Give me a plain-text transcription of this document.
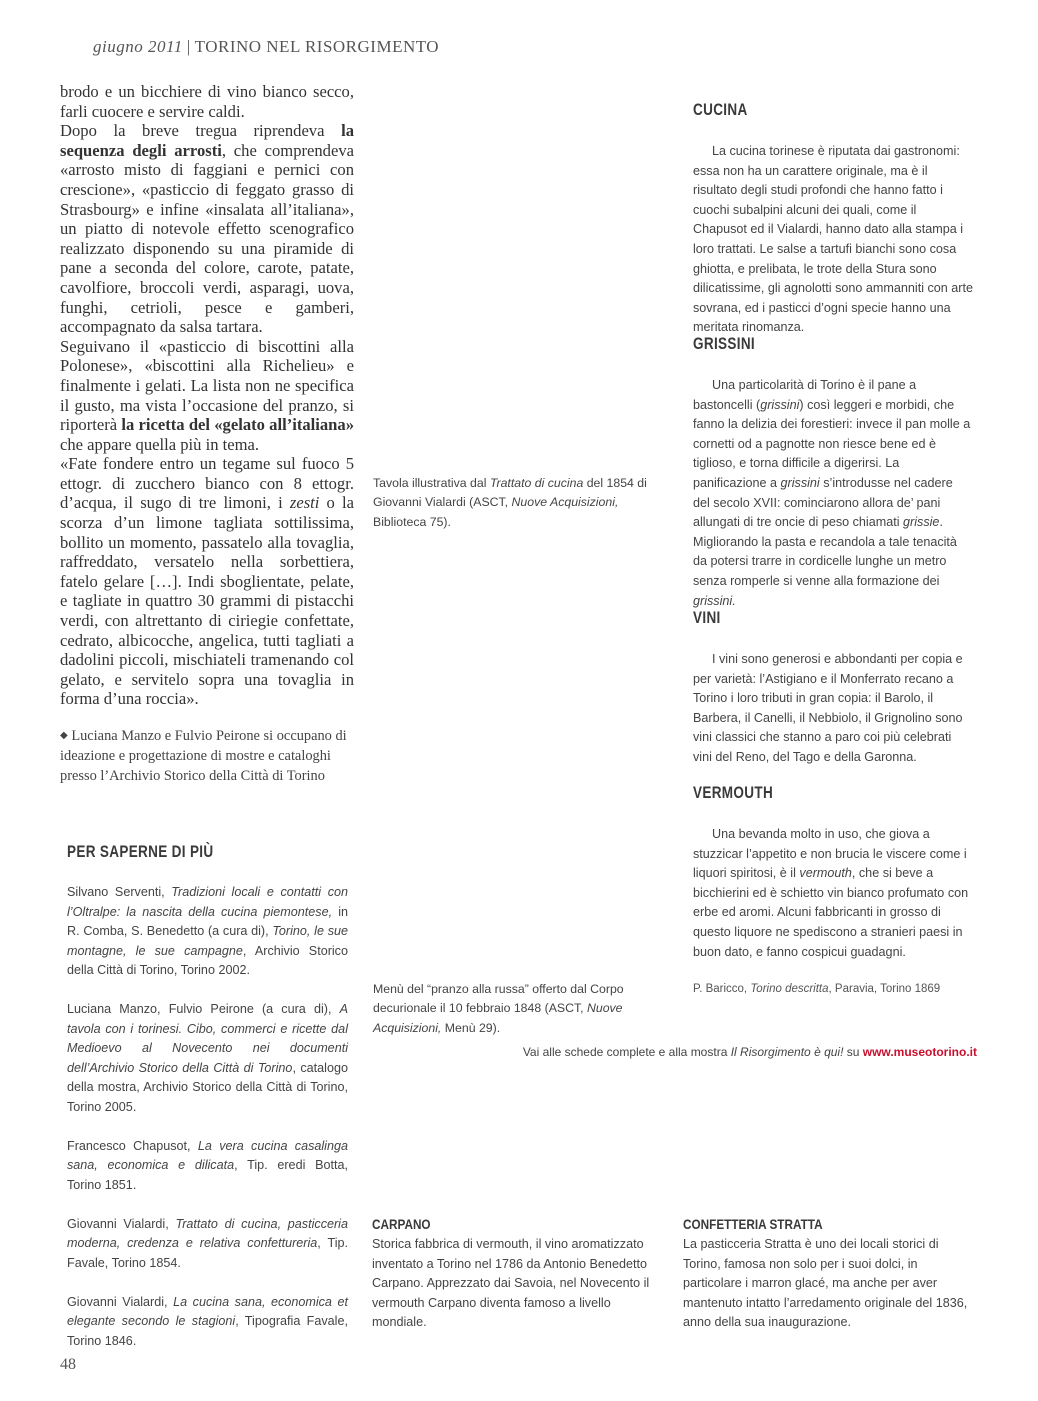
giugno 2011 | TORINO NEL RISORGIMENTO

brodo e un bicchiere di vino bianco secco, farli cuocere e servire caldi.

Dopo la breve tregua riprendeva la sequenza degli arrosti, che comprendeva «arrosto misto di faggiani e pernici con crescione», «pasticcio di feggato grasso di Strasbourg» e infine «insalata all’italiana», un piatto di notevole effetto scenografico realizzato disponendo su una piramide di pane a seconda del colore, carote, patate, cavolfiore, broccoli verdi, asparagi, uova, funghi, cetrioli, pesce e gamberi, accompagnato da salsa tartara.

Seguivano il «pasticcio di biscottini alla Polonese», «biscottini alla Richelieu» e finalmente i gelati. La lista non ne specifica il gusto, ma vista l’occasione del pranzo, si riporterà la ricetta del «gelato all’italiana» che appare quella più in tema.

«Fate fondere entro un tegame sul fuoco 5 ettogr. di zucchero bianco con 8 ettogr. d’acqua, il sugo di tre limoni, i zesti o la scorza d’un limone tagliata sottilissima, bollito un momento, passatelo alla tovaglia, raffreddato, versatelo nella sorbettiera, fatelo gelare […]. Indi sboglientate, pelate, e tagliate in quattro 30 grammi di pistacchi verdi, con altrettanto di ciriegie confettate, cedrato, albicocche, angelica, tutti tagliati a dadolini piccoli, mischiateli tramenando col gelato, e servitelo sopra una tovaglia in forma d’una roccia».

◆ Luciana Manzo e Fulvio Peirone si occupano di ideazione e progettazione di mostre e cataloghi presso l’Archivio Storico della Città di Torino
PER SAPERNE DI PIÙ

Silvano Serventi, Tradizioni locali e contatti con l’Oltralpe: la nascita della cucina piemontese, in R. Comba, S. Benedetto (a cura di), Torino, le sue montagne, le sue campagne, Archivio Storico della Città di Torino, Torino 2002.

Luciana Manzo, Fulvio Peirone (a cura di), A tavola con i torinesi. Cibo, commerci e ricette dal Medioevo al Novecento nei documenti dell’Archivio Storico della Città di Torino, catalogo della mostra, Archivio Storico della Città di Torino, Torino 2005.

Francesco Chapusot, La vera cucina casalinga sana, economica e dilicata, Tip. eredi Botta, Torino 1851.

Giovanni Vialardi, Trattato di cucina, pasticceria moderna, credenza e relativa confettureria, Tip. Favale, Torino 1854.

Giovanni Vialardi, La cucina sana, economica et elegante secondo le stagioni, Tipografia Favale, Torino 1846.

Tavola illustrativa dal Trattato di cucina del 1854 di Giovanni Vialardi (ASCT, Nuove Acquisizioni, Biblioteca 75).
Menù del “pranzo alla russa” offerto dal Corpo decurionale il 10 febbraio 1848 (ASCT, Nuove Acquisizioni, Menù 29).
CUCINA

La cucina torinese è riputata dai gastronomi: essa non ha un carattere originale, ma è il risultato degli studi profondi che hanno fatto i cuochi subalpini alcuni dei quali, come il Chapusot ed il Vialardi, hanno dato alla stampa i loro trattati. Le salse a tartufi bianchi sono cosa ghiotta, e prelibata, le trote della Stura sono dilicatissime, gli agnolotti sono ammanniti con arte sovrana, ed i pasticci d’ogni specie hanno una meritata rinomanza.

GRISSINI

Una particolarità di Torino è il pane a bastoncelli (grissini) così leggeri e morbidi, che fanno la delizia dei forestieri: invece il pan molle a cornetti od a pagnotte non riesce bene ed è tiglioso, e torna difficile a digerirsi. La panificazione a grissini s’introdusse nel cadere del secolo XVII: cominciarono allora de’ pani allungati di tre oncie di peso chiamati grissie. Migliorando la pasta e recandola a tale tenacità da potersi trarre in cordicelle lunghe un metro senza romperle si venne alla formazione dei grissini.

VINI

I vini sono generosi e abbondanti per copia e per varietà: l’Astigiano e il Monferrato recano a Torino i loro tributi in gran copia: il Barolo, il Barbera, il Canelli, il Nebbiolo, il Grignolino sono vini classici che stanno a paro coi più celebrati vini del Reno, del Tago e della Garonna.

VERMOUTH

Una bevanda molto in uso, che giova a stuzzicar l’appetito e non brucia le viscere come i liquori spiritosi, è il vermouth, che si beve a bicchierini ed è schietto vin bianco profumato con erbe ed aromi. Alcuni fabbricanti in grosso di questo liquore ne spediscono a stranieri paesi in buon dato, e fanno cospicui guadagni.

P. Baricco, Torino descritta, Paravia, Torino 1869
Vai alle schede complete e alla mostra Il Risorgimento è qui! su www.museotorino.it
CARPANO
Storica fabbrica di vermouth, il vino aromatizzato inventato a Torino nel 1786 da Antonio Benedetto Carpano. Apprezzato dai Savoia, nel Novecento il vermouth Carpano diventa famoso a livello mondiale.
CONFETTERIA STRATTA
La pasticceria Stratta è uno dei locali storici di Torino, famosa non solo per i suoi dolci, in particolare i marron glacé, ma anche per aver mantenuto intatto l’arredamento originale del 1836, anno della sua inaugurazione.
48
